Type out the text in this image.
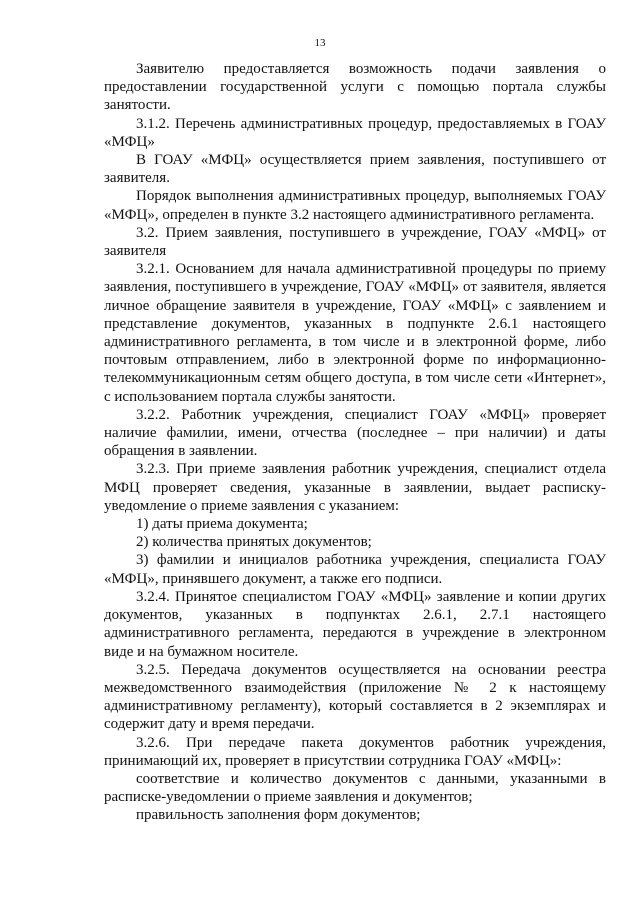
13

Заявителю предоставляется возможность подачи заявления о предоставлении государственной услуги с помощью портала службы занятости.

3.1.2. Перечень административных процедур, предоставляемых в ГОАУ «МФЦ»

В ГОАУ «МФЦ» осуществляется прием заявления, поступившего от заявителя.

Порядок выполнения административных процедур, выполняемых ГОАУ «МФЦ», определен в пункте 3.2 настоящего административного регламента.

3.2. Прием заявления, поступившего в учреждение, ГОАУ «МФЦ» от заявителя

3.2.1. Основанием для начала административной процедуры по приему заявления, поступившего в учреждение, ГОАУ «МФЦ» от заявителя, является личное обращение заявителя в учреждение, ГОАУ «МФЦ» с заявлением и представление документов, указанных в подпункте 2.6.1 настоящего административного регламента, в том числе и в электронной форме, либо почтовым отправлением, либо в электронной форме по информационно-телекоммуникационным сетям общего доступа, в том числе сети «Интернет», с использованием портала службы занятости.

3.2.2. Работник учреждения, специалист ГОАУ «МФЦ» проверяет наличие фамилии, имени, отчества (последнее – при наличии) и даты обращения в заявлении.

3.2.3. При приеме заявления работник учреждения, специалист отдела МФЦ проверяет сведения, указанные в заявлении, выдает расписку-уведомление о приеме заявления с указанием:

1) даты приема документа;

2) количества принятых документов;

3) фамилии и инициалов работника учреждения, специалиста ГОАУ «МФЦ», принявшего документ, а также его подписи.

3.2.4. Принятое специалистом ГОАУ «МФЦ» заявление и копии других документов, указанных в подпунктах 2.6.1, 2.7.1 настоящего административного регламента, передаются в учреждение в электронном виде и на бумажном носителе.

3.2.5. Передача документов осуществляется на основании реестра межведомственного взаимодействия (приложение № 2 к настоящему административному регламенту), который составляется в 2 экземплярах и содержит дату и время передачи.

3.2.6. При передаче пакета документов работник учреждения, принимающий их, проверяет в присутствии сотрудника ГОАУ «МФЦ»:

соответствие и количество документов с данными, указанными в расписке-уведомлении о приеме заявления и документов;

правильность заполнения форм документов;
